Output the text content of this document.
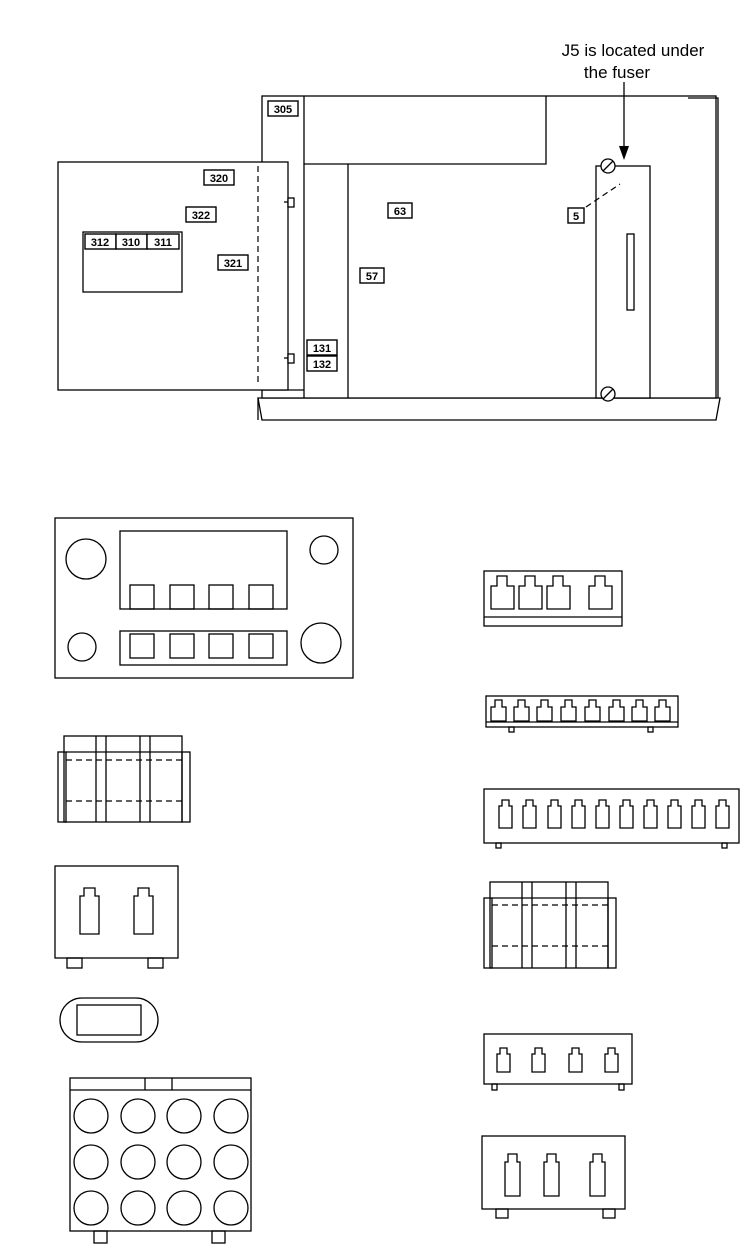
305
320
322
321
312 310 311
63
57
5
131
132
J5 is located under
the fuser
